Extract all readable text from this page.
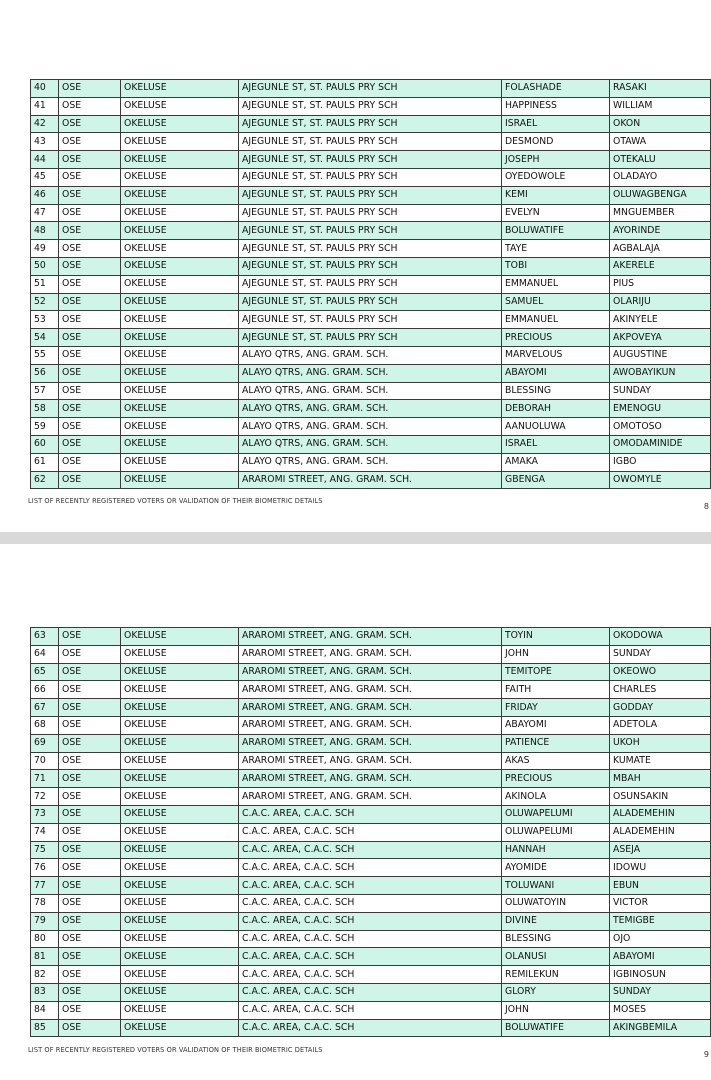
40	OSE	OKELUSE	AJEGUNLE ST, ST. PAULS PRY SCH	FOLASHADE	RASAKI
41	OSE	OKELUSE	AJEGUNLE ST, ST. PAULS PRY SCH	HAPPINESS	WILLIAM
42	OSE	OKELUSE	AJEGUNLE ST, ST. PAULS PRY SCH	ISRAEL	OKON
43	OSE	OKELUSE	AJEGUNLE ST, ST. PAULS PRY SCH	DESMOND	OTAWA
44	OSE	OKELUSE	AJEGUNLE ST, ST. PAULS PRY SCH	JOSEPH	OTEKALU
45	OSE	OKELUSE	AJEGUNLE ST, ST. PAULS PRY SCH	OYEDOWOLE	OLADAYO
46	OSE	OKELUSE	AJEGUNLE ST, ST. PAULS PRY SCH	KEMI	OLUWAGBENGA
47	OSE	OKELUSE	AJEGUNLE ST, ST. PAULS PRY SCH	EVELYN	MNGUEMBER
48	OSE	OKELUSE	AJEGUNLE ST, ST. PAULS PRY SCH	BOLUWATIFE	AYORINDE
49	OSE	OKELUSE	AJEGUNLE ST, ST. PAULS PRY SCH	TAYE	AGBALAJA
50	OSE	OKELUSE	AJEGUNLE ST, ST. PAULS PRY SCH	TOBI	AKERELE
51	OSE	OKELUSE	AJEGUNLE ST, ST. PAULS PRY SCH	EMMANUEL	PIUS
52	OSE	OKELUSE	AJEGUNLE ST, ST. PAULS PRY SCH	SAMUEL	OLARIJU
53	OSE	OKELUSE	AJEGUNLE ST, ST. PAULS PRY SCH	EMMANUEL	AKINYELE
54	OSE	OKELUSE	AJEGUNLE ST, ST. PAULS PRY SCH	PRECIOUS	AKPOVEYA
55	OSE	OKELUSE	ALAYO QTRS, ANG. GRAM. SCH.	MARVELOUS	AUGUSTINE
56	OSE	OKELUSE	ALAYO QTRS, ANG. GRAM. SCH.	ABAYOMI	AWOBAYIKUN
57	OSE	OKELUSE	ALAYO QTRS, ANG. GRAM. SCH.	BLESSING	SUNDAY
58	OSE	OKELUSE	ALAYO QTRS, ANG. GRAM. SCH.	DEBORAH	EMENOGU
59	OSE	OKELUSE	ALAYO QTRS, ANG. GRAM. SCH.	AANUOLUWA	OMOTOSO
60	OSE	OKELUSE	ALAYO QTRS, ANG. GRAM. SCH.	ISRAEL	OMODAMINIDE
61	OSE	OKELUSE	ALAYO QTRS, ANG. GRAM. SCH.	AMAKA	IGBO
62	OSE	OKELUSE	ARAROMI STREET, ANG. GRAM. SCH.	GBENGA	OWOMYLE
LIST OF RECENTLY REGISTERED VOTERS OR VALIDATION OF THEIR BIOMETRIC DETAILS
8
63	OSE	OKELUSE	ARAROMI STREET, ANG. GRAM. SCH.	TOYIN	OKODOWA
64	OSE	OKELUSE	ARAROMI STREET, ANG. GRAM. SCH.	JOHN	SUNDAY
65	OSE	OKELUSE	ARAROMI STREET, ANG. GRAM. SCH.	TEMITOPE	OKEOWO
66	OSE	OKELUSE	ARAROMI STREET, ANG. GRAM. SCH.	FAITH	CHARLES
67	OSE	OKELUSE	ARAROMI STREET, ANG. GRAM. SCH.	FRIDAY	GODDAY
68	OSE	OKELUSE	ARAROMI STREET, ANG. GRAM. SCH.	ABAYOMI	ADETOLA
69	OSE	OKELUSE	ARAROMI STREET, ANG. GRAM. SCH.	PATIENCE	UKOH
70	OSE	OKELUSE	ARAROMI STREET, ANG. GRAM. SCH.	AKAS	KUMATE
71	OSE	OKELUSE	ARAROMI STREET, ANG. GRAM. SCH.	PRECIOUS	MBAH
72	OSE	OKELUSE	ARAROMI STREET, ANG. GRAM. SCH.	AKINOLA	OSUNSAKIN
73	OSE	OKELUSE	C.A.C. AREA, C.A.C. SCH	OLUWAPELUMI	ALADEMEHIN
74	OSE	OKELUSE	C.A.C. AREA, C.A.C. SCH	OLUWAPELUMI	ALADEMEHIN
75	OSE	OKELUSE	C.A.C. AREA, C.A.C. SCH	HANNAH	ASEJA
76	OSE	OKELUSE	C.A.C. AREA, C.A.C. SCH	AYOMIDE	IDOWU
77	OSE	OKELUSE	C.A.C. AREA, C.A.C. SCH	TOLUWANI	EBUN
78	OSE	OKELUSE	C.A.C. AREA, C.A.C. SCH	OLUWATOYIN	VICTOR
79	OSE	OKELUSE	C.A.C. AREA, C.A.C. SCH	DIVINE	TEMIGBE
80	OSE	OKELUSE	C.A.C. AREA, C.A.C. SCH	BLESSING	OJO
81	OSE	OKELUSE	C.A.C. AREA, C.A.C. SCH	OLANUSI	ABAYOMI
82	OSE	OKELUSE	C.A.C. AREA, C.A.C. SCH	REMILEKUN	IGBINOSUN
83	OSE	OKELUSE	C.A.C. AREA, C.A.C. SCH	GLORY	SUNDAY
84	OSE	OKELUSE	C.A.C. AREA, C.A.C. SCH	JOHN	MOSES
85	OSE	OKELUSE	C.A.C. AREA, C.A.C. SCH	BOLUWATIFE	AKINGBEMILA
LIST OF RECENTLY REGISTERED VOTERS OR VALIDATION OF THEIR BIOMETRIC DETAILS	9
